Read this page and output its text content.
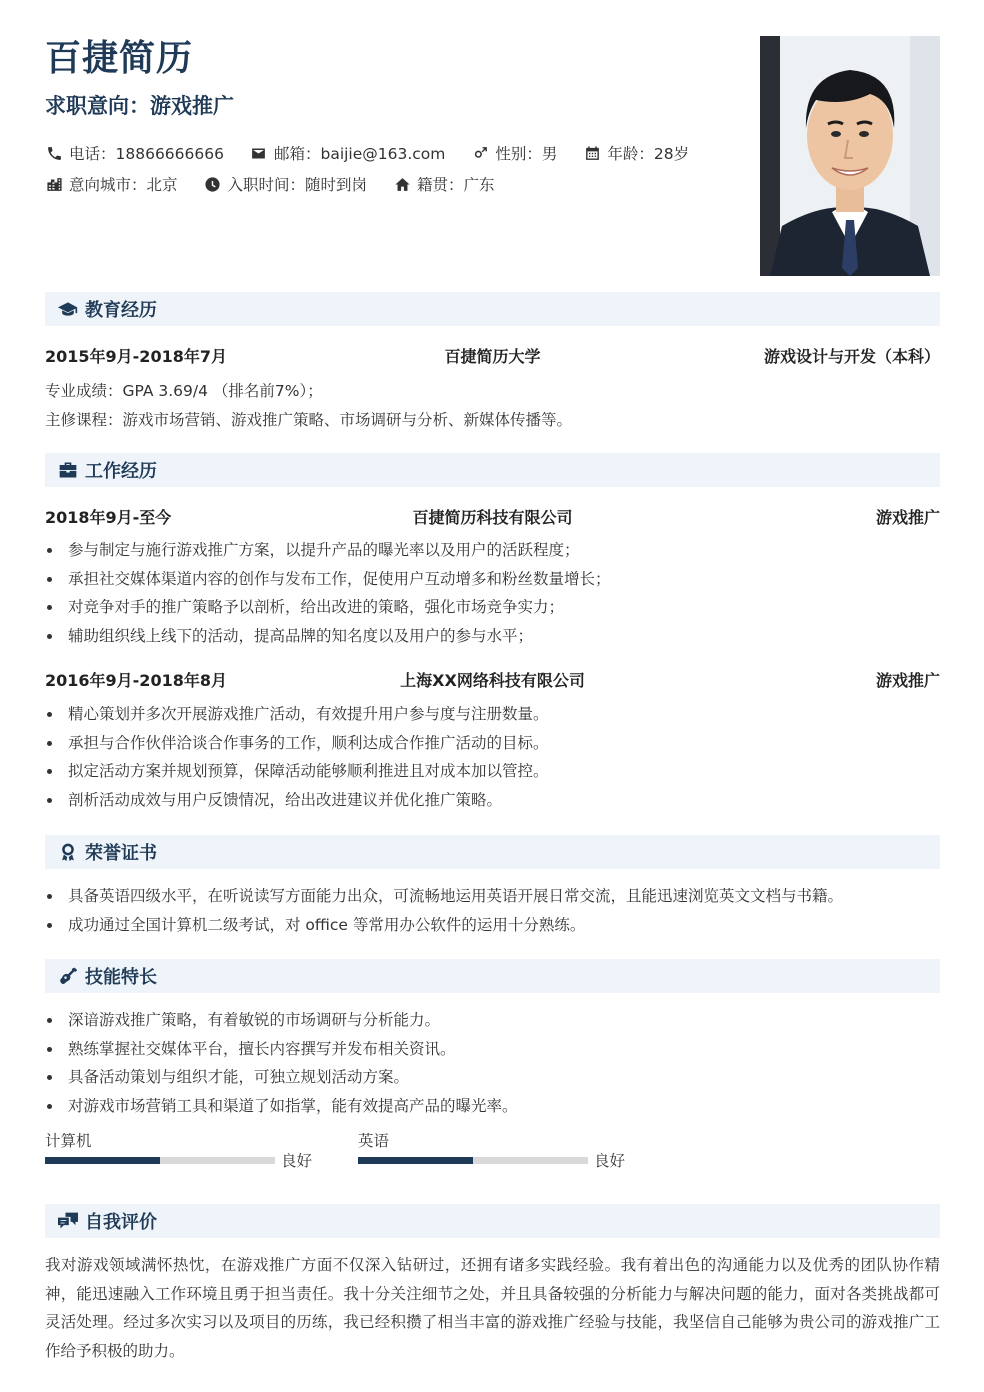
百捷简历
求职意向：游戏推广
电话：18866666666	邮箱：baijie@163.com	性别：男	年龄：28岁
意向城市：北京	入职时间：随时到岗	籍贯：广东
教育经历
2015年9月-2018年7月	百捷简历大学	游戏设计与开发（本科）
专业成绩：GPA 3.69/4 （排名前7%）；
主修课程：游戏市场营销、游戏推广策略、市场调研与分析、新媒体传播等。
工作经历
2018年9月-至今	百捷简历科技有限公司	游戏推广
参与制定与施行游戏推广方案，以提升产品的曝光率以及用户的活跃程度；
承担社交媒体渠道内容的创作与发布工作，促使用户互动增多和粉丝数量增长；
对竞争对手的推广策略予以剖析，给出改进的策略，强化市场竞争实力；
辅助组织线上线下的活动，提高品牌的知名度以及用户的参与水平；
2016年9月-2018年8月	上海XX网络科技有限公司	游戏推广
精心策划并多次开展游戏推广活动，有效提升用户参与度与注册数量。
承担与合作伙伴洽谈合作事务的工作，顺利达成合作推广活动的目标。
拟定活动方案并规划预算，保障活动能够顺利推进且对成本加以管控。
剖析活动成效与用户反馈情况，给出改进建议并优化推广策略。
荣誉证书
具备英语四级水平，在听说读写方面能力出众，可流畅地运用英语开展日常交流，且能迅速浏览英文文档与书籍。
成功通过全国计算机二级考试，对 office 等常用办公软件的运用十分熟练。
技能特长
深谙游戏推广策略，有着敏锐的市场调研与分析能力。
熟练掌握社交媒体平台，擅长内容撰写并发布相关资讯。
具备活动策划与组织才能，可独立规划活动方案。
对游戏市场营销工具和渠道了如指掌，能有效提高产品的曝光率。
计算机
良好
英语
良好
自我评价
我对游戏领域满怀热忱，在游戏推广方面不仅深入钻研过，还拥有诸多实践经验。我有着出色的沟通能力以及优秀的团队协作精神，能迅速融入工作环境且勇于担当责任。我十分关注细节之处，并且具备较强的分析能力与解决问题的能力，面对各类挑战都可灵活处理。经过多次实习以及项目的历练，我已经积攒了相当丰富的游戏推广经验与技能，我坚信自己能够为贵公司的游戏推广工作给予积极的助力。
